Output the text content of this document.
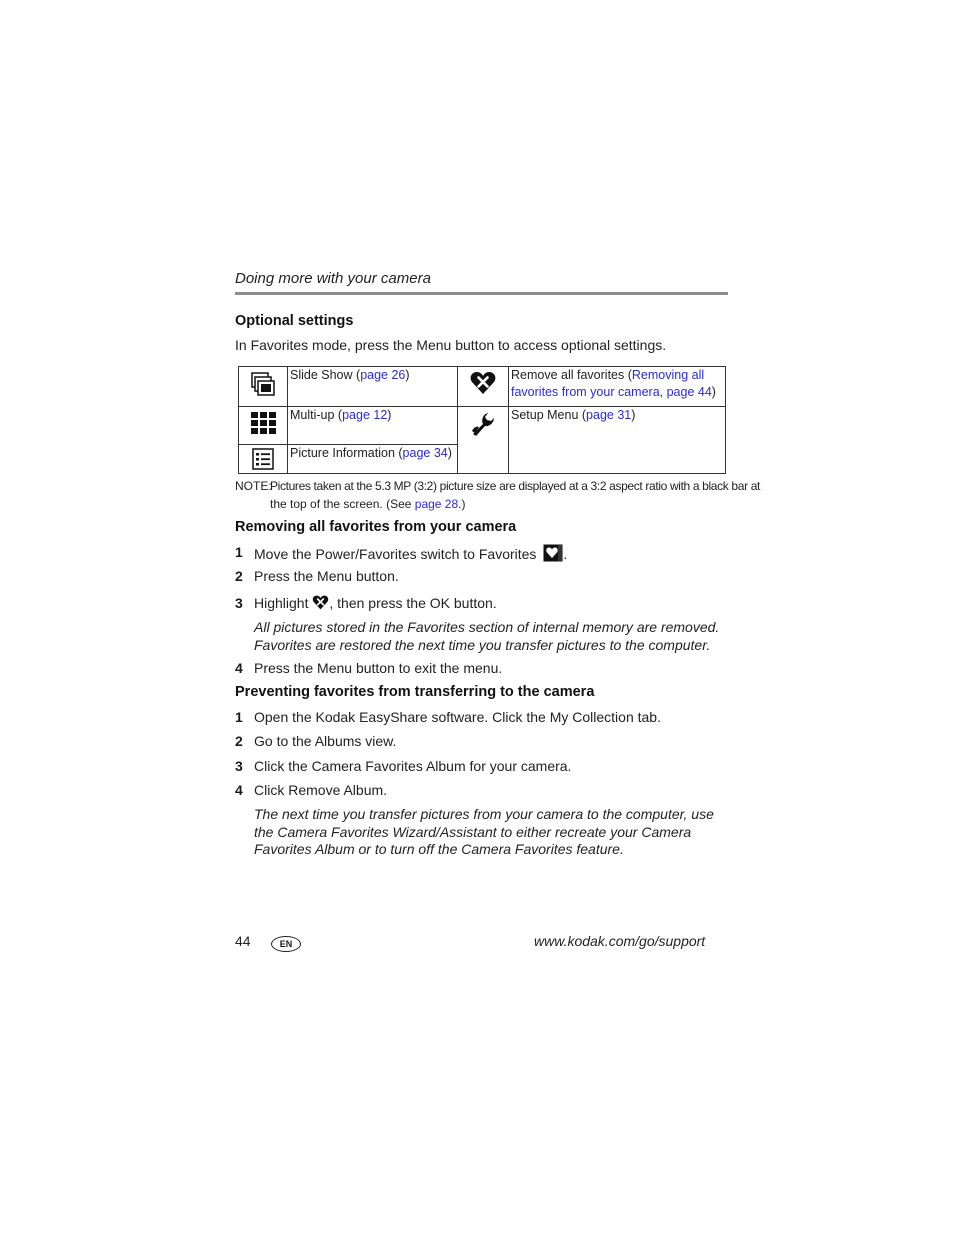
Doing more with your camera
Optional settings
In Favorites mode, press the Menu button to access optional settings.
	Slide Show (page 26)		Remove all favorites (Removing all
favorites from your camera, page 44)
	Multi-up (page 12)		Setup Menu (page 31)
	Picture Information (page 34)		
NOTE:
Pictures taken at the 5.3 MP (3:2) picture size are displayed at a 3:2 aspect ratio with a black bar at
the top of the screen. (See page 28.)
Removing all favorites from your camera
1 Move the Power/Favorites switch to Favorites .
2 Press the Menu button.
3 Highlight , then press the OK button.
All pictures stored in the Favorites section of internal memory are removed. Favorites are restored the next time you transfer pictures to the computer.
4 Press the Menu button to exit the menu.
Preventing favorites from transferring to the camera
1 Open the Kodak EasyShare software. Click the My Collection tab.
2 Go to the Albums view.
3 Click the Camera Favorites Album for your camera.
4 Click Remove Album.
The next time you transfer pictures from your camera to the computer, use the Camera Favorites Wizard/Assistant to either recreate your Camera Favorites Album or to turn off the Camera Favorites feature.
44	EN	www.kodak.com/go/support
